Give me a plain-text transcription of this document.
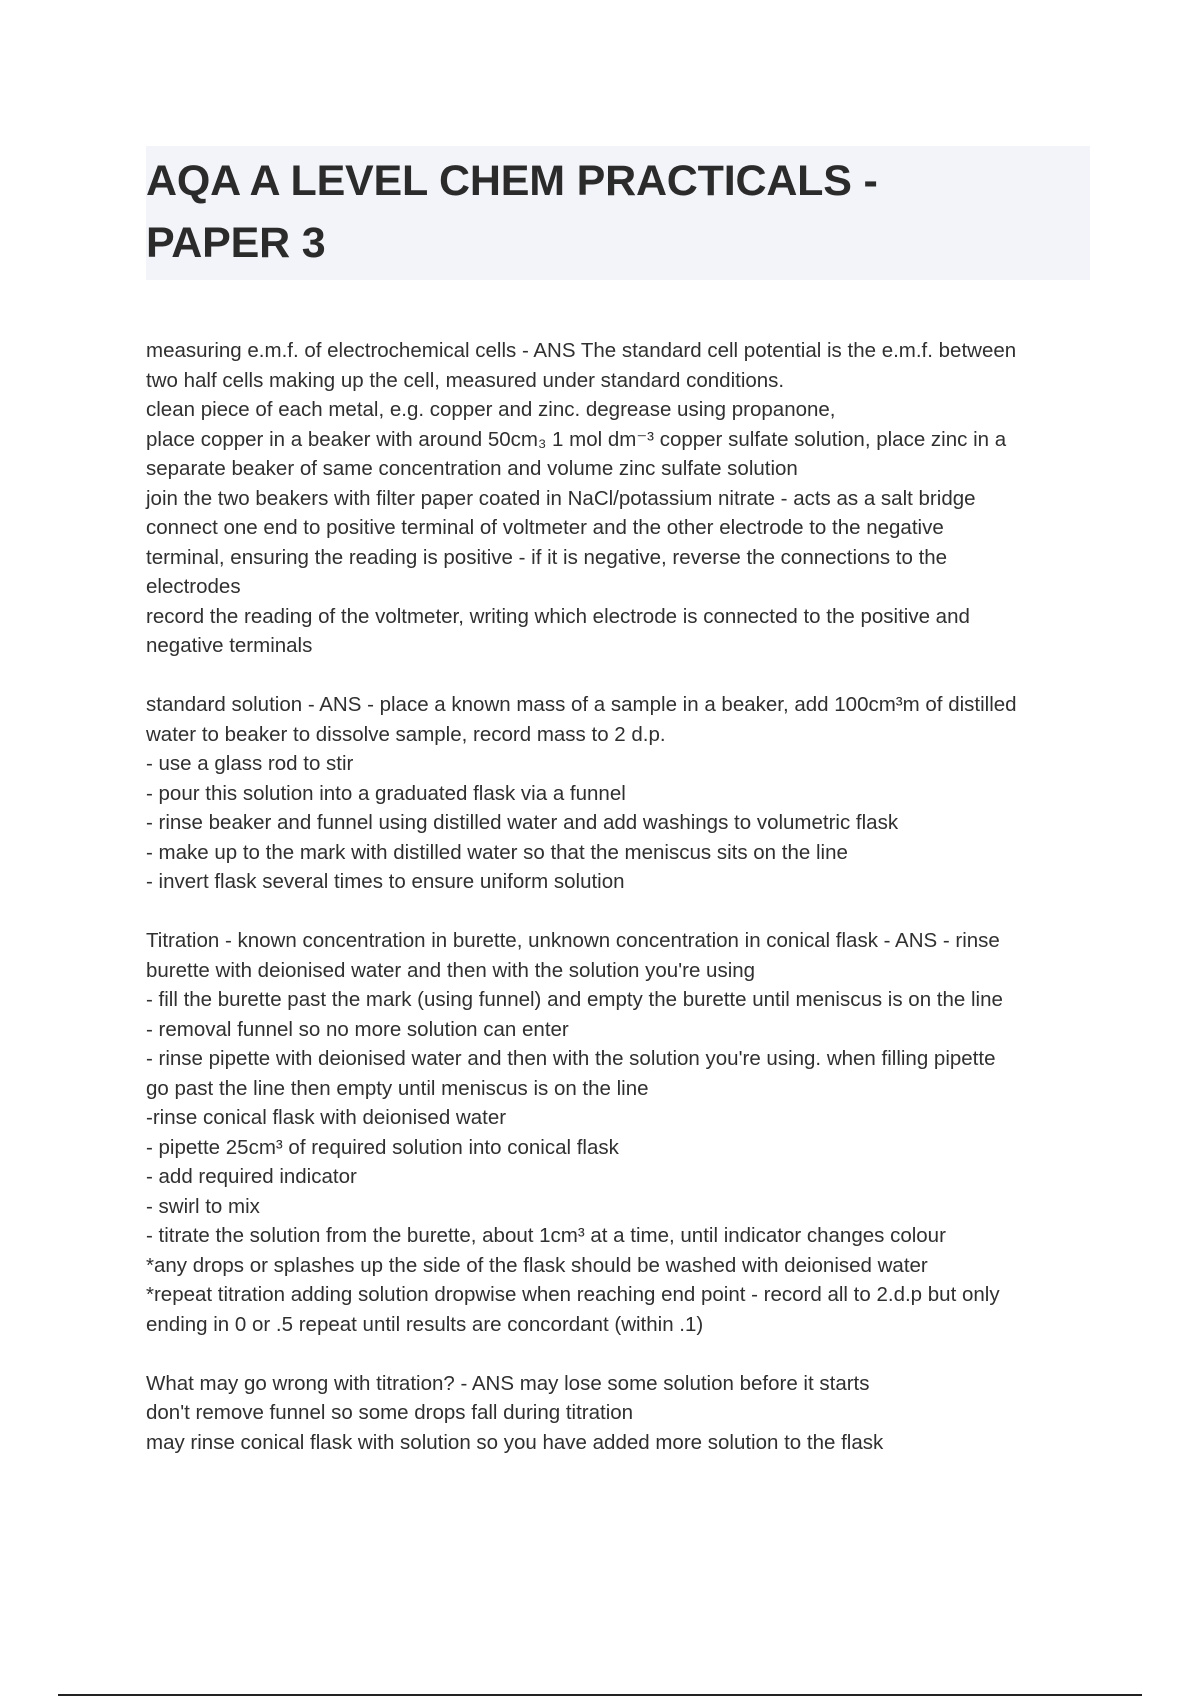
AQA A LEVEL CHEM PRACTICALS -
PAPER 3
measuring e.m.f. of electrochemical cells - ANS The standard cell potential is the e.m.f. between
two half cells making up the cell, measured under standard conditions.
clean piece of each metal, e.g. copper and zinc. degrease using propanone,
place copper in a beaker with around 50cm₃ 1 mol dm⁻³ copper sulfate solution, place zinc in a
separate beaker of same concentration and volume zinc sulfate solution
join the two beakers with filter paper coated in NaCl/potassium nitrate - acts as a salt bridge
connect one end to positive terminal of voltmeter and the other electrode to the negative
terminal, ensuring the reading is positive - if it is negative, reverse the connections to the
electrodes
record the reading of the voltmeter, writing which electrode is connected to the positive and
negative terminals
standard solution - ANS - place a known mass of a sample in a beaker, add 100cm³m of distilled
water to beaker to dissolve sample, record mass to 2 d.p.
- use a glass rod to stir
- pour this solution into a graduated flask via a funnel
- rinse beaker and funnel using distilled water and add washings to volumetric flask
- make up to the mark with distilled water so that the meniscus sits on the line
- invert flask several times to ensure uniform solution
Titration - known concentration in burette, unknown concentration in conical flask - ANS - rinse
burette with deionised water and then with the solution you're using
- fill the burette past the mark (using funnel) and empty the burette until meniscus is on the line
- removal funnel so no more solution can enter
- rinse pipette with deionised water and then with the solution you're using. when filling pipette
go past the line then empty until meniscus is on the line
-rinse conical flask with deionised water
- pipette 25cm³ of required solution into conical flask
- add required indicator
- swirl to mix
- titrate the solution from the burette, about 1cm³ at a time, until indicator changes colour
*any drops or splashes up the side of the flask should be washed with deionised water
*repeat titration adding solution dropwise when reaching end point - record all to 2.d.p but only
ending in 0 or .5 repeat until results are concordant (within .1)
What may go wrong with titration? - ANS may lose some solution before it starts
don't remove funnel so some drops fall during titration
may rinse conical flask with solution so you have added more solution to the flask
